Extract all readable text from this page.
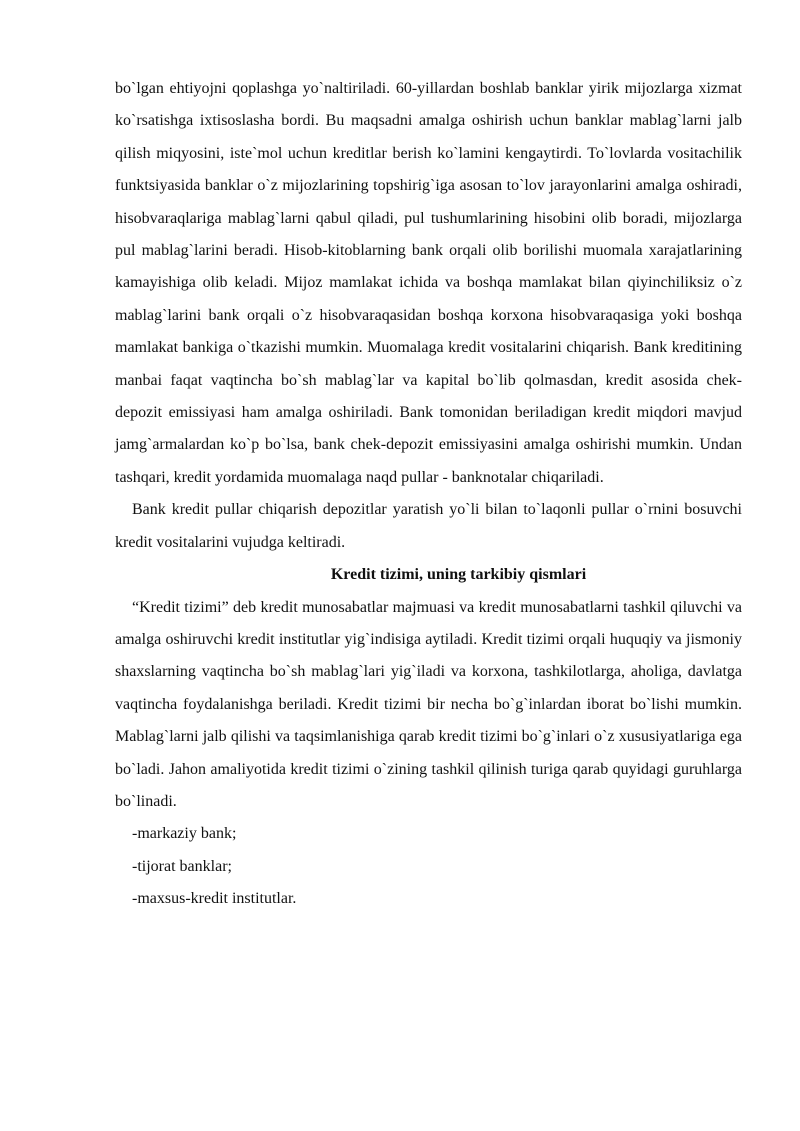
bo`lgan ehtiyojni qoplashga yo`naltiriladi. 60-yillardan boshlab banklar yirik mijozlarga xizmat ko`rsatishga ixtisoslasha bordi. Bu maqsadni amalga oshirish uchun banklar mablag`larni jalb qilish miqyosini, iste`mol uchun kreditlar berish ko`lamini kengaytirdi. To`lovlarda vositachilik funktsiyasida banklar o`z mijozlarining topshirig`iga asosan to`lov jarayonlarini amalga oshiradi, hisobvaraqlariga mablag`larni qabul qiladi, pul tushumlarining hisobini olib boradi, mijozlarga pul mablag`larini beradi. Hisob-kitoblarning bank orqali olib borilishi muomala xarajatlarining kamayishiga olib keladi. Mijoz mamlakat ichida va boshqa mamlakat bilan qiyinchiliksiz o`z mablag`larini bank orqali o`z hisobvaraqasidan boshqa korxona hisobvaraqasiga yoki boshqa mamlakat bankiga o`tkazishi mumkin. Muomalaga kredit vositalarini chiqarish. Bank kreditining manbai faqat vaqtincha bo`sh mablag`lar va kapital bo`lib qolmasdan, kredit asosida chek-depozit emissiyasi ham amalga oshiriladi. Bank tomonidan beriladigan kredit miqdori mavjud jamg`armalardan ko`p bo`lsa, bank chek-depozit emissiyasini amalga oshirishi mumkin. Undan tashqari, kredit yordamida muomalaga naqd pullar - banknotalar chiqariladi.

Bank kredit pullar chiqarish depozitlar yaratish yo`li bilan to`laqonli pullar o`rnini bosuvchi kredit vositalarini vujudga keltiradi.

Kredit tizimi, uning tarkibiy qismlari

“Kredit tizimi” deb kredit munosabatlar majmuasi va kredit munosabatlarni tashkil qiluvchi va amalga oshiruvchi kredit institutlar yig`indisiga aytiladi. Kredit tizimi orqali huquqiy va jismoniy shaxslarning vaqtincha bo`sh mablag`lari yig`iladi va korxona, tashkilotlarga, aholiga, davlatga vaqtincha foydalanishga beriladi. Kredit tizimi bir necha bo`g`inlardan iborat bo`lishi mumkin. Mablag`larni jalb qilishi va taqsimlanishiga qarab kredit tizimi bo`g`inlari o`z xususiyatlariga ega bo`ladi. Jahon amaliyotida kredit tizimi o`zining tashkil qilinish turiga qarab quyidagi guruhlarga bo`linadi.

-markaziy bank;
-tijorat banklar;
-maxsus-kredit institutlar.
